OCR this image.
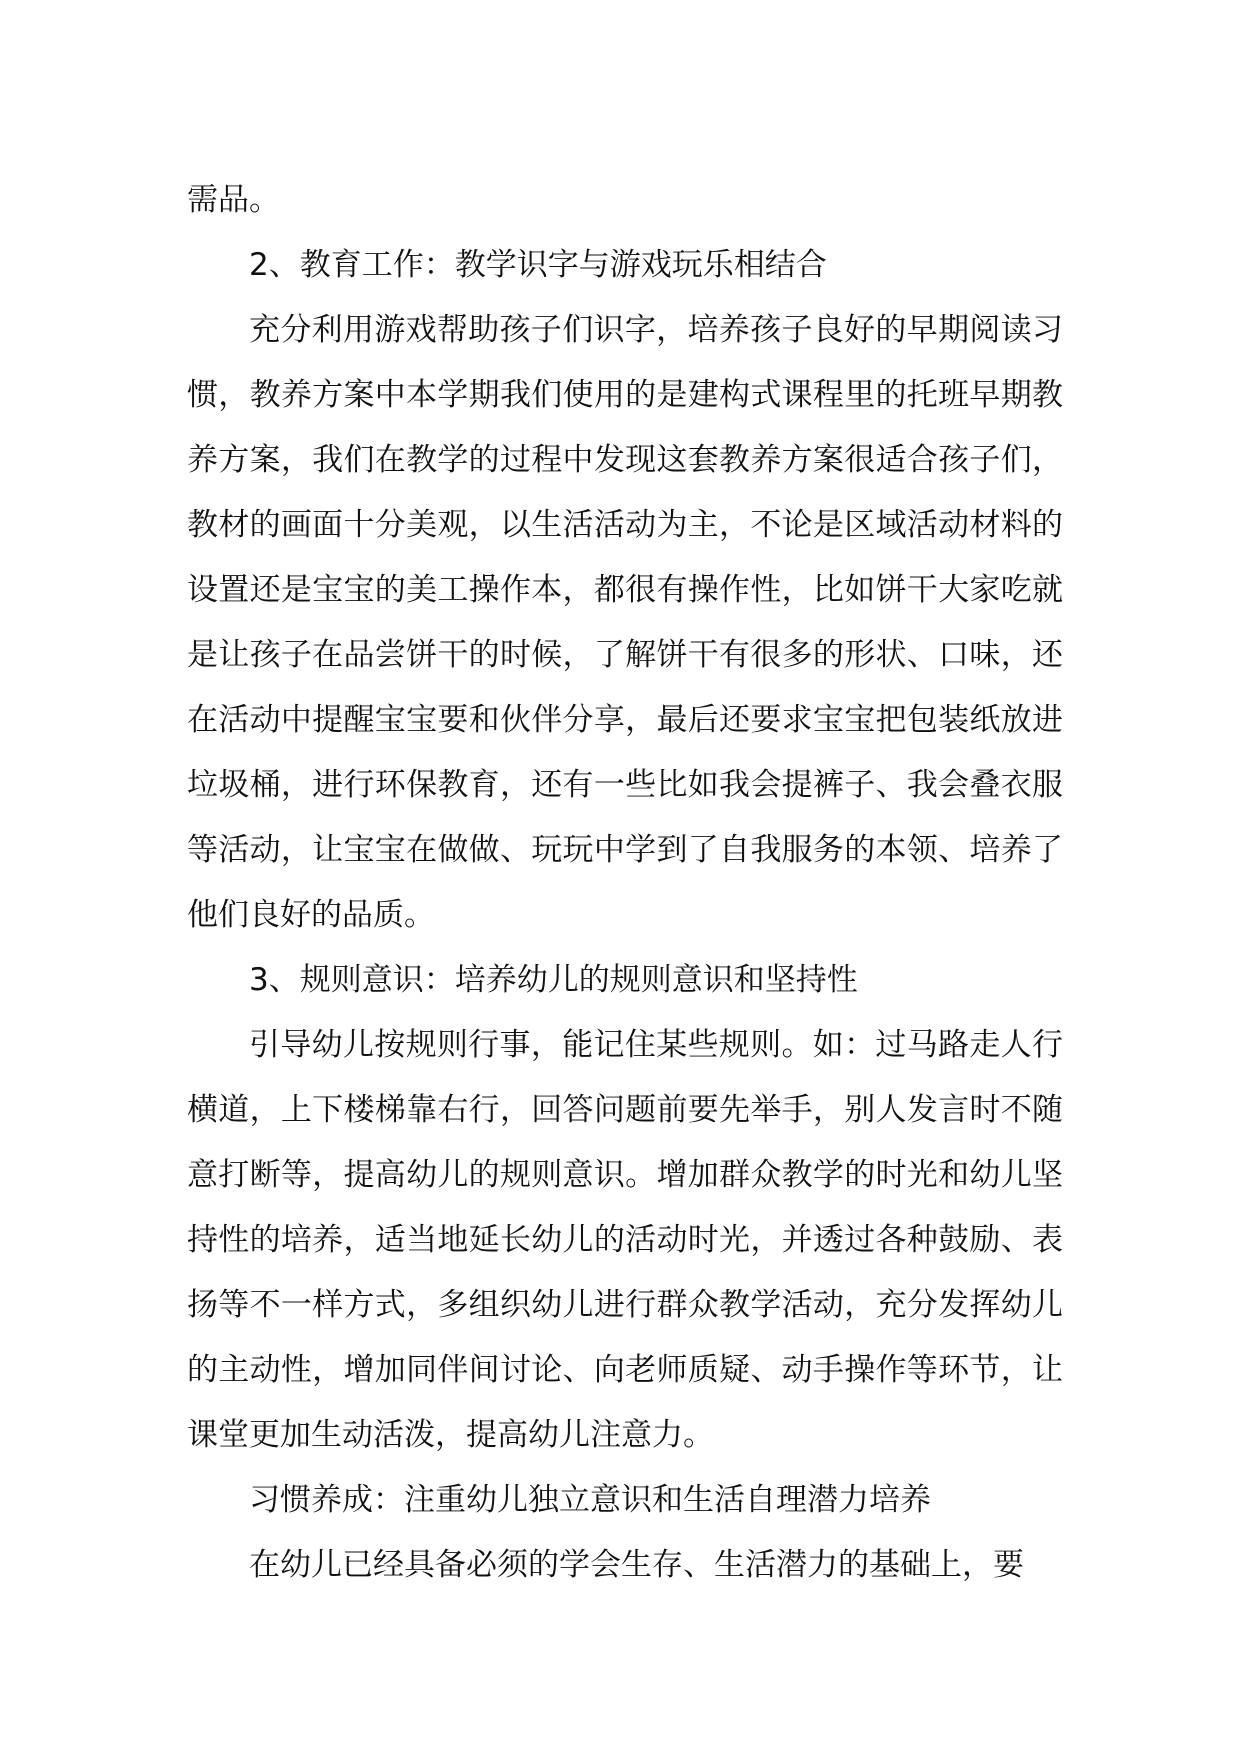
需品。

2、教育工作：教学识字与游戏玩乐相结合

充分利用游戏帮助孩子们识字，培养孩子良好的早期阅读习惯，教养方案中本学期我们使用的是建构式课程里的托班早期教养方案，我们在教学的过程中发现这套教养方案很适合孩子们，教材的画面十分美观，以生活活动为主，不论是区域活动材料的设置还是宝宝的美工操作本，都很有操作性，比如饼干大家吃就是让孩子在品尝饼干的时候，了解饼干有很多的形状、口味，还在活动中提醒宝宝要和伙伴分享，最后还要求宝宝把包装纸放进垃圾桶，进行环保教育，还有一些比如我会提裤子、我会叠衣服等活动，让宝宝在做做、玩玩中学到了自我服务的本领、培养了他们良好的品质。

3、规则意识：培养幼儿的规则意识和坚持性

引导幼儿按规则行事，能记住某些规则。如：过马路走人行横道，上下楼梯靠右行，回答问题前要先举手，别人发言时不随意打断等，提高幼儿的规则意识。增加群众教学的时光和幼儿坚持性的培养，适当地延长幼儿的活动时光，并透过各种鼓励、表扬等不一样方式，多组织幼儿进行群众教学活动，充分发挥幼儿的主动性，增加同伴间讨论、向老师质疑、动手操作等环节，让课堂更加生动活泼，提高幼儿注意力。

习惯养成：注重幼儿独立意识和生活自理潜力培养

在幼儿已经具备必须的学会生存、生活潜力的基础上，要
